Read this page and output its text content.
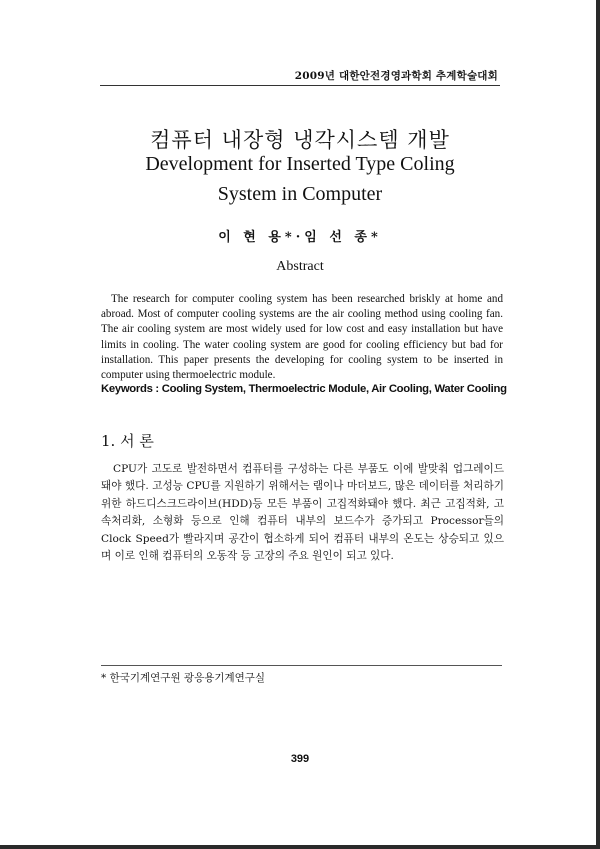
2009년 대한안전경영과학회 추계학술대회
컴퓨터 내장형 냉각시스템 개발
Development for Inserted Type Coling
System in Computer
이 현 용*·임 선 종*
Abstract
The research for computer cooling system has been researched briskly at home and abroad. Most of computer cooling systems are the air cooling method using cooling fan. The air cooling system are most widely used for low cost and easy installation but have limits in cooling. The water cooling system are good for cooling efficiency but bad for installation. This paper presents the developing for cooling system to be inserted in computer using thermoelectric module.
Keywords : Cooling System, Thermoelectric Module, Air Cooling, Water Cooling
1. 서 론
CPU가 고도로 발전하면서 컴퓨터를 구성하는 다른 부품도 이에 발맞춰 업그레이드 돼야 했다. 고성능 CPU를 지원하기 위해서는 램이나 마더보드, 많은 데이터를 처리하기 위한 하드디스크드라이브(HDD)등 모든 부품이 고집적화돼야 했다. 최근 고집적화, 고속처리화, 소형화 등으로 인해 컴퓨터 내부의 보드수가 증가되고 Processor들의 Clock Speed가 빨라지며 공간이 협소하게 되어 컴퓨터 내부의 온도는 상승되고 있으며 이로 인해 컴퓨터의 오동작 등 고장의 주요 원인이 되고 있다.
* 한국기계연구원 광응용기계연구실
399
